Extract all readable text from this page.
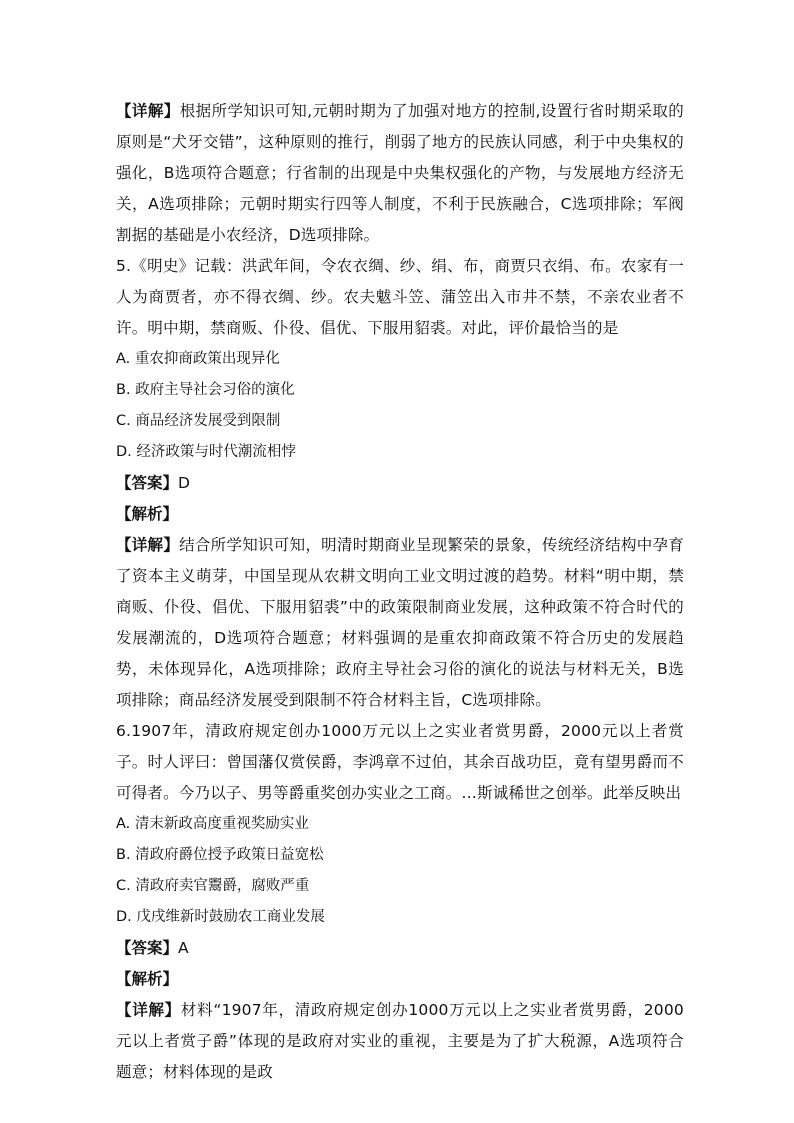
【详解】根据所学知识可知,元朝时期为了加强对地方的控制,设置行省时期采取的原则是“犬牙交错”，这种原则的推行，削弱了地方的民族认同感，利于中央集权的强化，B选项符合题意；行省制的出现是中央集权强化的产物，与发展地方经济无关，A选项排除；元朝时期实行四等人制度，不利于民族融合，C选项排除；军阀割据的基础是小农经济，D选项排除。

5.《明史》记载：洪武年间，令农衣绸、纱、绢、布，商贾只衣绢、布。农家有一人为商贾者，亦不得衣绸、纱。农夫魃斗笠、蒲笠出入市井不禁，不亲农业者不许。明中期，禁商贩、仆役、倡优、下服用貂裘。对此，评价最恰当的是

A. 重农抑商政策出现异化

B. 政府主导社会习俗的演化

C. 商品经济发展受到限制

D. 经济政策与时代潮流相悖

【答案】D

【解析】

【详解】结合所学知识可知，明清时期商业呈现繁荣的景象，传统经济结构中孕育了资本主义萌芽，中国呈现从农耕文明向工业文明过渡的趋势。材料“明中期，禁商贩、仆役、倡优、下服用貂裘”中的政策限制商业发展，这种政策不符合时代的发展潮流的，D选项符合题意；材料强调的是重农抑商政策不符合历史的发展趋势，未体现异化，A选项排除；政府主导社会习俗的演化的说法与材料无关，B选项排除；商品经济发展受到限制不符合材料主旨，C选项排除。

6.1907年，清政府规定创办1000万元以上之实业者赏男爵，2000元以上者赏子。时人评曰：曾国藩仅赏侯爵，李鸿章不过伯，其余百战功臣，竟有望男爵而不可得者。今乃以子、男等爵重奖创办实业之工商。…斯诚稀世之创举。此举反映出

A. 清末新政高度重视奖励实业

B. 清政府爵位授予政策日益宽松

C. 清政府卖官鬻爵，腐败严重

D. 戊戌维新时鼓励农工商业发展

【答案】A

【解析】

【详解】材料“1907年，清政府规定创办1000万元以上之实业者赏男爵，2000元以上者赏子爵”体现的是政府对实业的重视，主要是为了扩大税源，A选项符合题意；材料体现的是政
